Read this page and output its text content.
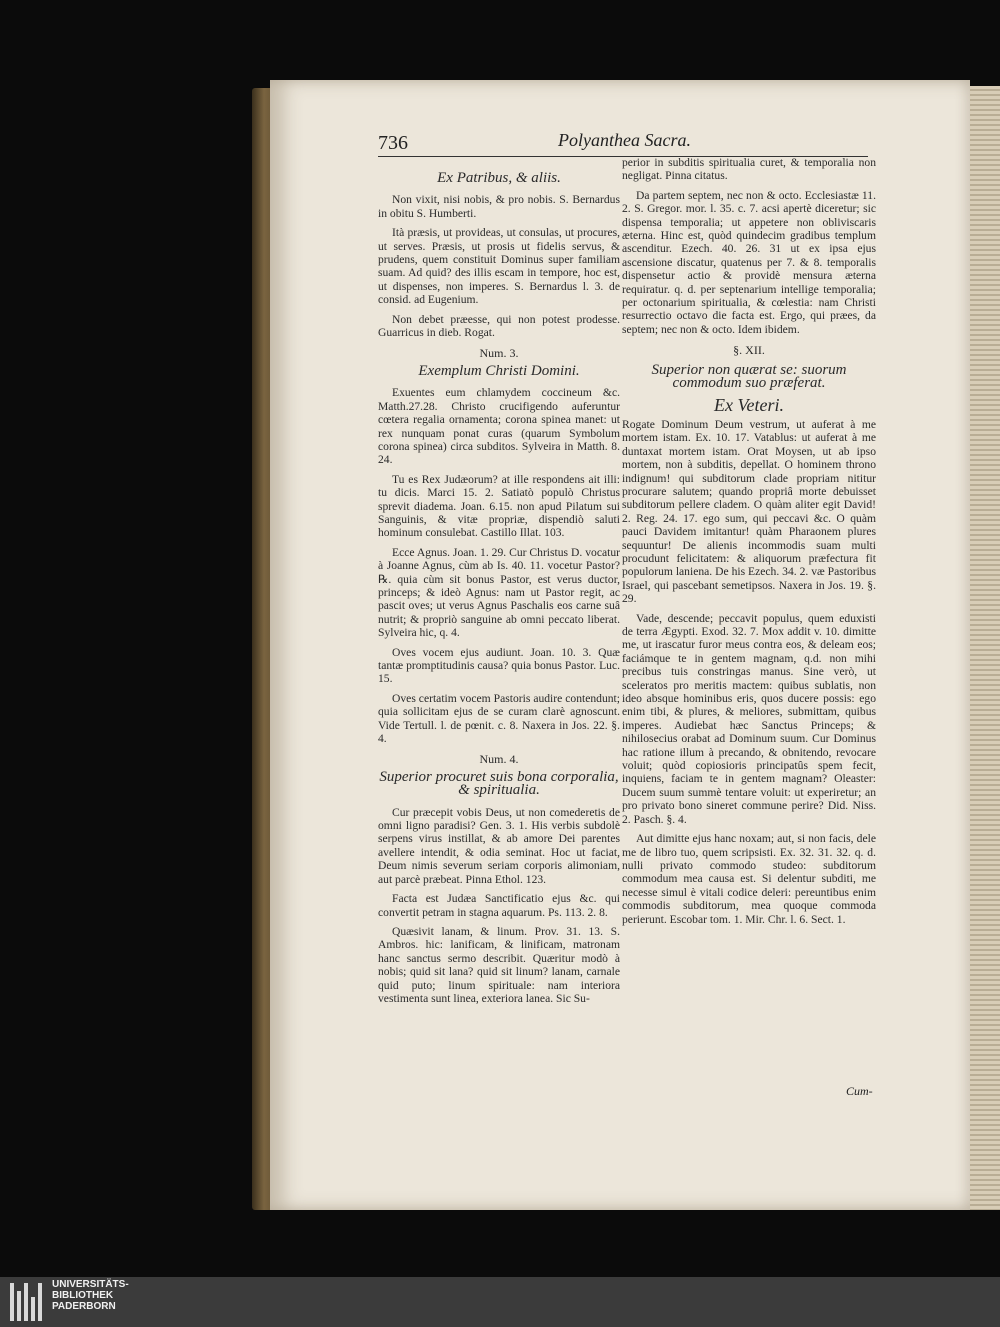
736	Polyanthea Sacra.
Ex Patribus, & aliis.

Non vixit, nisi nobis, & pro nobis. S. Bernardus in obitu S. Humberti.

Ità præsis, ut provideas, ut consulas, ut procures, ut serves. Præsis, ut prosis ut fidelis servus, & prudens, quem constituit Dominus super familiam suam. Ad quid? des illis escam in tempore, hoc est, ut dispenses, non imperes. S. Bernardus l. 3. de consid. ad Eugenium.

Non debet præesse, qui non potest prodesse. Guarricus in dieb. Rogat.

Num. 3.
Exemplum Christi Domini.

Exuentes eum chlamydem coccineum &c. Matth.27.28. Christo crucifigendo auferuntur cœtera regalia ornamenta; corona spinea manet: ut rex nunquam ponat curas (quarum Symbolum corona spinea) circa subditos. Sylveira in Matth. 8. 24.

Tu es Rex Judæorum? at ille respondens ait illi: tu dicis. Marci 15. 2. Satiatò populò Christus sprevit diadema. Joan. 6.15. non apud Pilatum sui Sanguinis, & vitæ propriæ, dispendiò saluti hominum consulebat. Castillo Illat. 103.

Ecce Agnus. Joan. 1. 29. Cur Christus D. vocatur à Joanne Agnus, cùm ab Is. 40. 11. vocetur Pastor? ℞. quia cùm sit bonus Pastor, est verus ductor, princeps; & ideò Agnus: nam ut Pastor regit, ac pascit oves; ut verus Agnus Paschalis eos carne suâ nutrit; & propriò sanguine ab omni peccato liberat. Sylveira hic, q. 4.

Oves vocem ejus audiunt. Joan. 10. 3. Quæ tantæ promptitudinis causa? quia bonus Pastor. Luc. 15.

Oves certatim vocem Pastoris audire contendunt; quia sollicitam ejus de se curam clarè agnoscunt. Vide Tertull. l. de pœnit. c. 8. Naxera in Jos. 22. §. 4.

Num. 4.
Superior procuret suis bona corporalia, & spiritualia.

Cur præcepit vobis Deus, ut non comederetis de omni ligno paradisi? Gen. 3. 1. His verbis subdolè serpens virus instillat, & ab amore Dei parentes avellere intendit, & odia seminat. Hoc ut faciat, Deum nimis severum seriam corporis alimoniam, aut parcè præbeat. Pinna Ethol. 123.

Facta est Judæa Sanctificatio ejus &c. qui convertit petram in stagna aquarum. Ps. 113. 2. 8.

Quæsivit lanam, & linum. Prov. 31. 13. S. Ambros. hic: lanificam, & linificam, matronam hanc sanctus sermo describit. Quæritur modò à nobis; quid sit lana? quid sit linum? lanam, carnale quid puto; linum spirituale: nam interiora vestimenta sunt linea, exteriora lanea. Sic Su-

perior in subditis spiritualia curet, & temporalia non negligat. Pinna citatus.

Da partem septem, nec non & octo. Ecclesiastæ 11. 2. S. Gregor. mor. l. 35. c. 7. acsi apertè diceretur; sic dispensa temporalia; ut appetere non obliviscaris æterna. Hinc est, quòd quindecim gradibus templum ascenditur. Ezech. 40. 26. 31 ut ex ipsa ejus ascensione discatur, quatenus per 7. & 8. temporalis dispensetur actio & providè mensura æterna requiratur. q. d. per septenarium intellige temporalia; per octonarium spiritualia, & cœlestia: nam Christi resurrectio octavo die facta est. Ergo, qui præes, da septem; nec non & octo. Idem ibidem.

§. XII.
Superior non quærat se: suorum commodum suo præferat.
Ex Veteri.

Rogate Dominum Deum vestrum, ut auferat à me mortem istam. Ex. 10. 17. Vatablus: ut auferat à me duntaxat mortem istam. Orat Moysen, ut ab ipso mortem, non à subditis, depellat. O hominem throno indignum! qui subditorum clade propriam nititur procurare salutem; quando propriâ morte debuisset subditorum pellere cladem. O quàm aliter egit David! 2. Reg. 24. 17. ego sum, qui peccavi &c. O quàm pauci Davidem imitantur! quàm Pharaonem plures sequuntur! De alienis incommodis suam multi procudunt felicitatem: & aliquorum præfectura fit populorum laniena. De his Ezech. 34. 2. væ Pastoribus Israel, qui pascebant semetipsos. Naxera in Jos. 19. §. 29.

Vade, descende; peccavit populus, quem eduxisti de terra Ægypti. Exod. 32. 7. Mox addit v. 10. dimitte me, ut irascatur furor meus contra eos, & deleam eos; faciámque te in gentem magnam, q.d. non mihi precibus tuis constringas manus. Sine verò, ut sceleratos pro meritis mactem: quibus sublatis, non ideo absque hominibus eris, quos ducere possis: ego enim tibi, & plures, & meliores, submittam, quibus imperes. Audiebat hæc Sanctus Princeps; & nihilosecius orabat ad Dominum suum. Cur Dominus hac ratione illum à precando, & obnitendo, revocare voluit; quòd copiosioris principatûs spem fecit, inquiens, faciam te in gentem magnam? Oleaster: Ducem suum summè tentare voluit: ut experiretur; an pro privato bono sineret commune perire? Did. Niss. 2. Pasch. §. 4.

Aut dimitte ejus hanc noxam; aut, si non facis, dele me de libro tuo, quem scripsisti. Ex. 32. 31. 32. q. d. nulli privato commodo studeo: subditorum commodum mea causa est. Si delentur subditi, me necesse simul è vitali codice deleri: pereuntibus enim commodis subditorum, mea quoque commoda perierunt. Escobar tom. 1. Mir. Chr. l. 6. Sect. 1.

Cum-
UNIVERSITÄTS-
BIBLIOTHEK
PADERBORN
